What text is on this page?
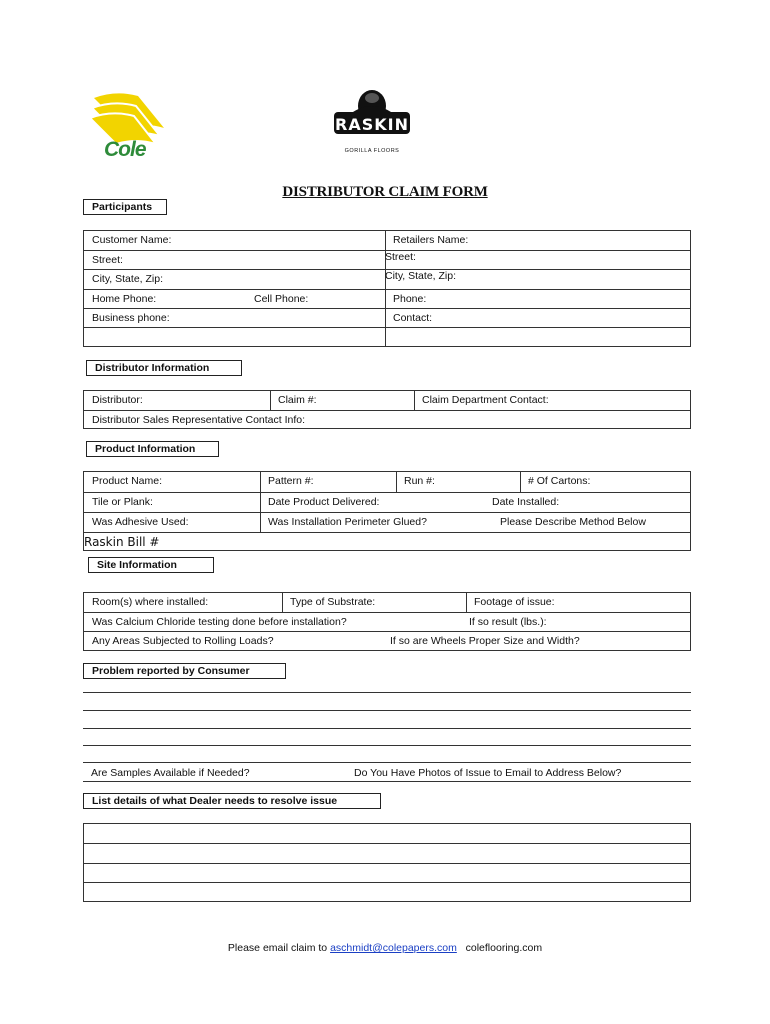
Cole
RASKIN
GORILLA FLOORS
DISTRIBUTOR CLAIM FORM
Participants
Customer Name:	Retailers Name:
Street:	Street:
City, State, Zip:	City, State, Zip:
Home Phone:	Cell Phone:	Phone:
Business phone:	Contact:
Distributor Information
Distributor:	Claim #:	Claim Department Contact:
Distributor Sales Representative Contact Info:
Product Information
Product Name:	Pattern #:	Run #:	# Of Cartons:
Tile or Plank:	Date Product Delivered:	Date Installed:
Was Adhesive Used:	Was Installation Perimeter Glued?	Please Describe Method Below
Raskin Bill #
Site Information
Room(s) where installed:	Type of Substrate:	Footage of issue:
Was Calcium Chloride testing done before installation?	If so result (lbs.):
Any Areas Subjected to Rolling Loads?	If so are Wheels Proper Size and Width?
Problem reported by Consumer
Are Samples Available if Needed?	Do You Have Photos of Issue to Email to Address Below?
List details of what Dealer needs to resolve issue
Please email claim to aschmidt@colepapers.com coleflooring.com
